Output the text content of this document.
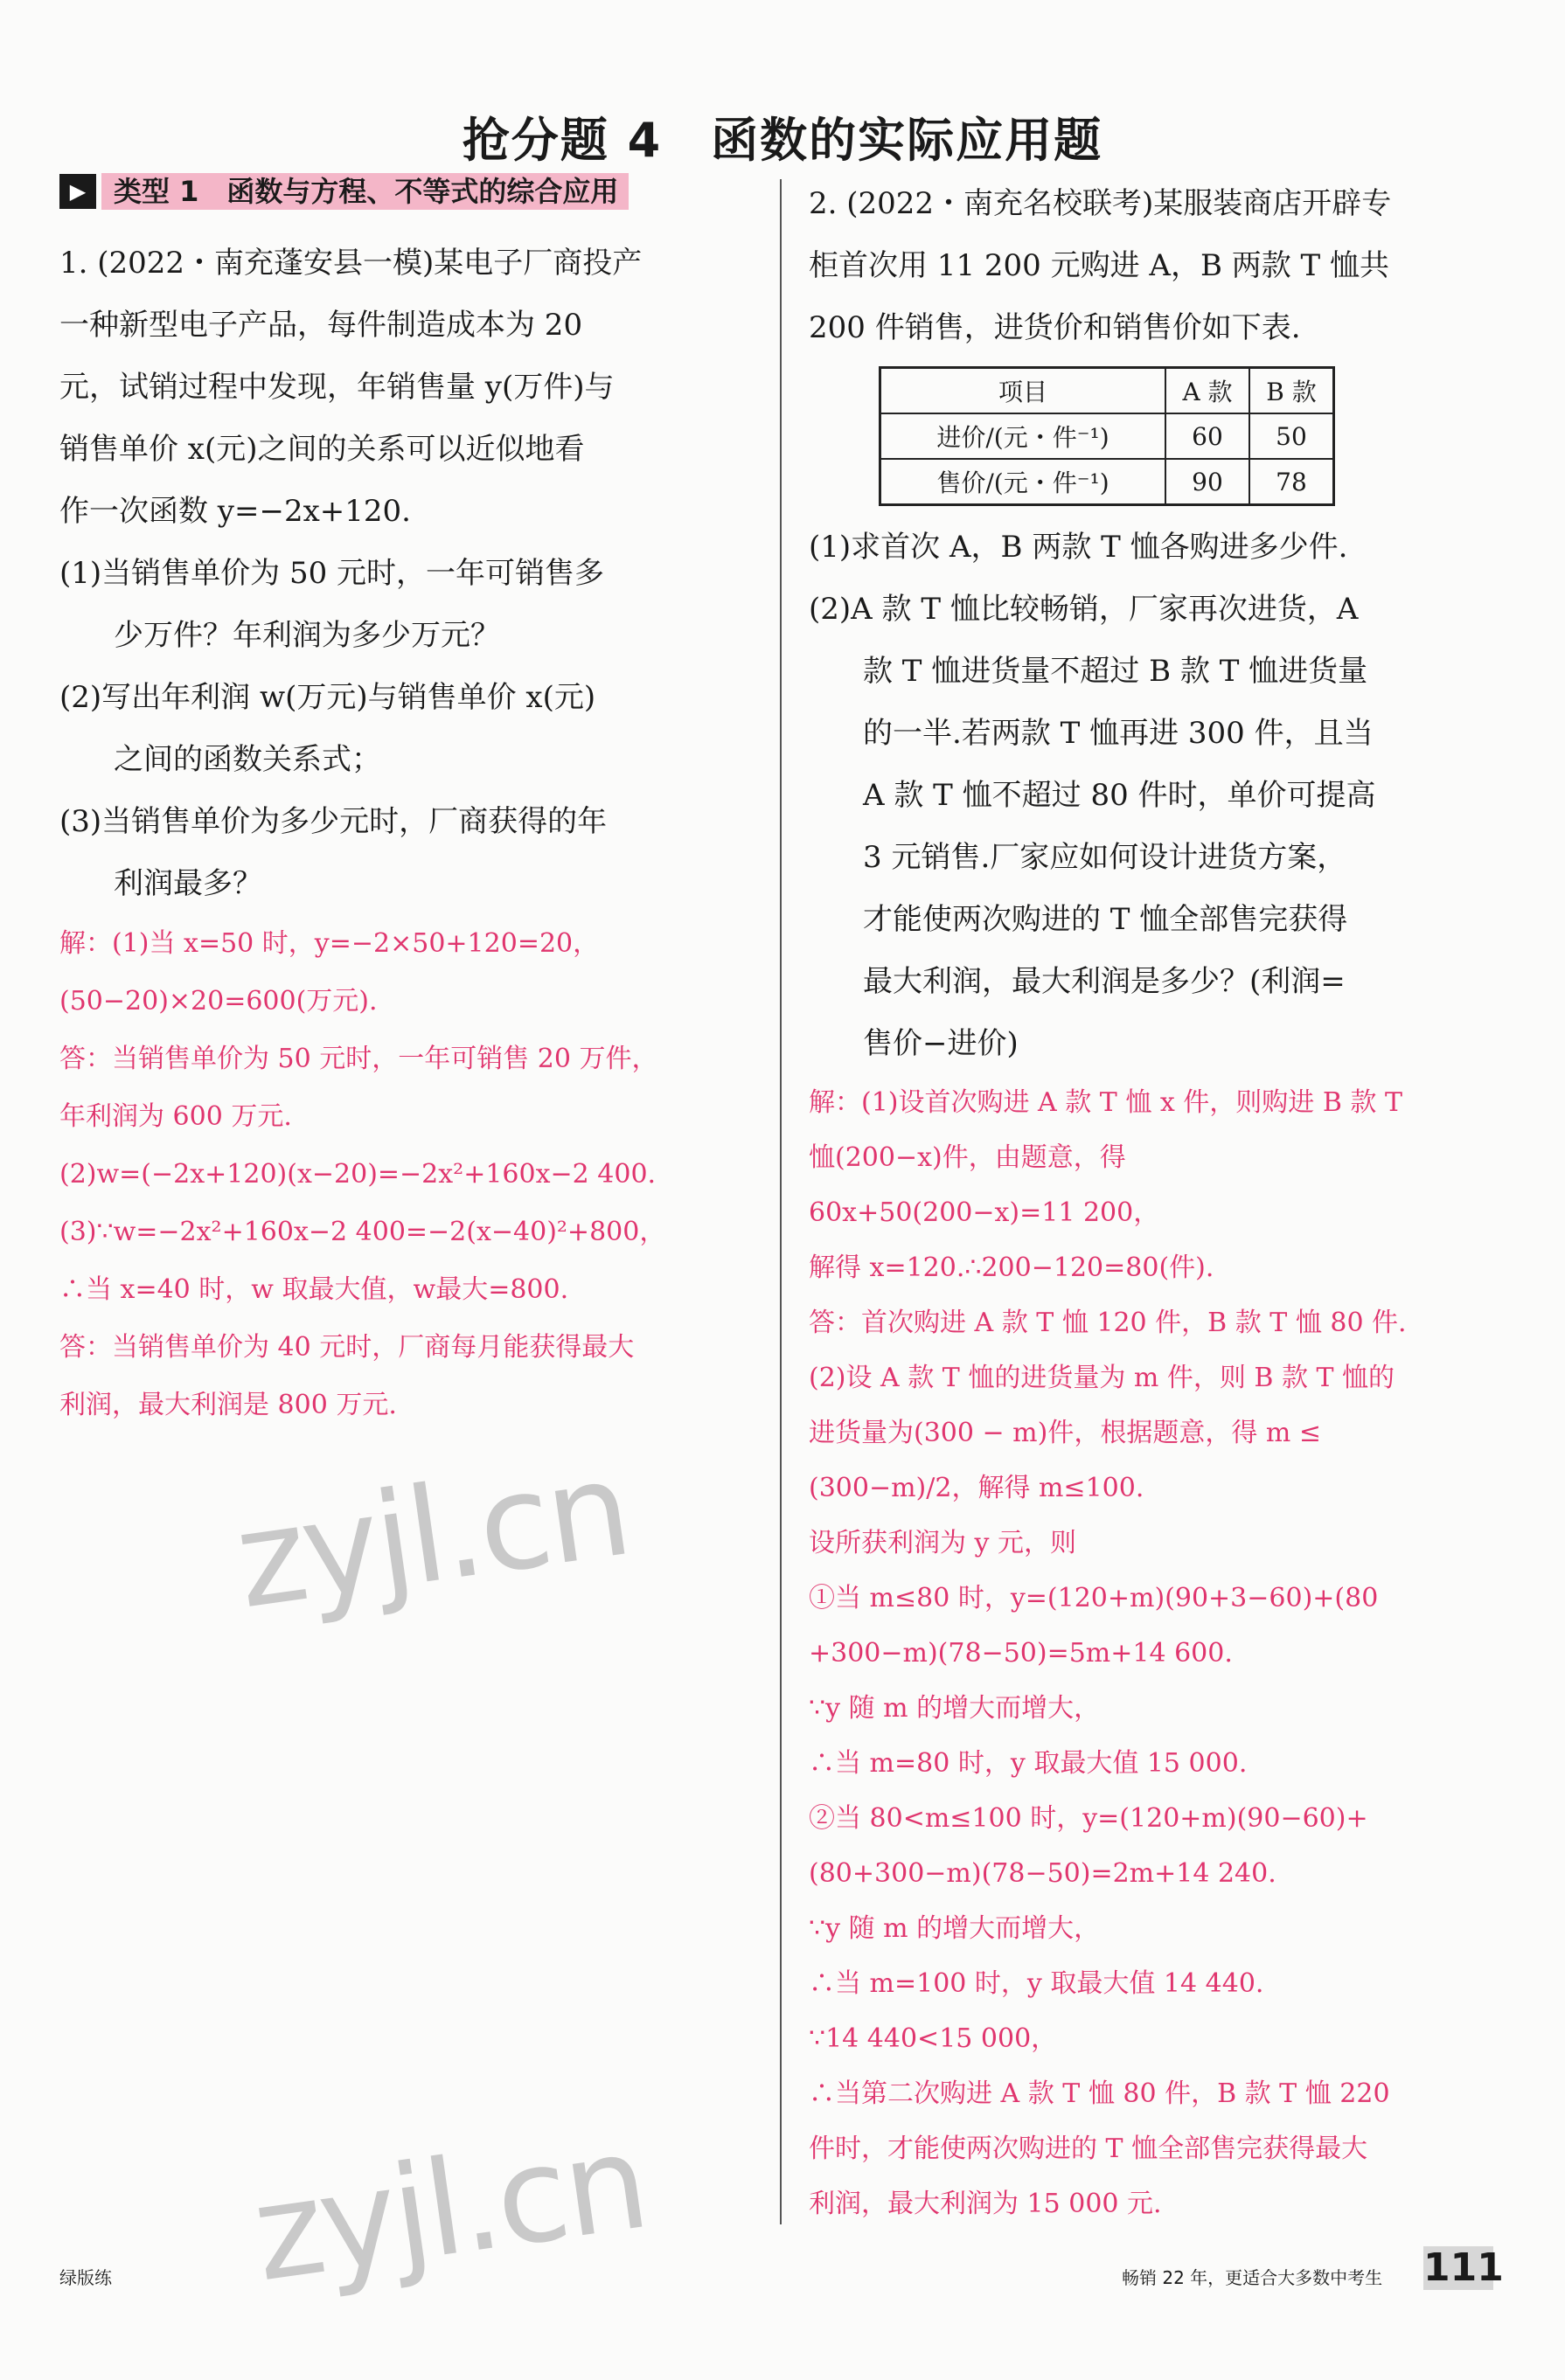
抢分题 4　函数的实际应用题
▶ 类型 1　函数与方程、不等式的综合应用

1. (2022・南充蓬安县一模)某电子厂商投产

一种新型电子产品，每件制造成本为 20

元，试销过程中发现，年销售量 y(万件)与

销售单价 x(元)之间的关系可以近似地看

作一次函数 y=−2x+120.

(1)当销售单价为 50 元时，一年可销售多

少万件？年利润为多少万元？

(2)写出年利润 w(万元)与销售单价 x(元)

之间的函数关系式；

(3)当销售单价为多少元时，厂商获得的年

利润最多？

解：(1)当 x=50 时，y=−2×50+120=20，

(50−20)×20=600(万元).

答：当销售单价为 50 元时，一年可销售 20 万件，

年利润为 600 万元.

(2)w=(−2x+120)(x−20)=−2x²+160x−2 400.

(3)∵w=−2x²+160x−2 400=−2(x−40)²+800，

∴当 x=40 时，w 取最大值，w最大=800.

答：当销售单价为 40 元时，厂商每月能获得最大

利润，最大利润是 800 万元.

2. (2022・南充名校联考)某服装商店开辟专

柜首次用 11 200 元购进 A，B 两款 T 恤共

200 件销售，进货价和销售价如下表.

项目	A 款	B 款
进价/(元・件⁻¹)	60	50
售价/(元・件⁻¹)	90	78

(1)求首次 A，B 两款 T 恤各购进多少件.

(2)A 款 T 恤比较畅销，厂家再次进货，A

款 T 恤进货量不超过 B 款 T 恤进货量

的一半.若两款 T 恤再进 300 件，且当

A 款 T 恤不超过 80 件时，单价可提高

3 元销售.厂家应如何设计进货方案，

才能使两次购进的 T 恤全部售完获得

最大利润，最大利润是多少？(利润=

售价−进价)

解：(1)设首次购进 A 款 T 恤 x 件，则购进 B 款 T

恤(200−x)件，由题意，得

60x+50(200−x)=11 200，

解得 x=120.∴200−120=80(件).

答：首次购进 A 款 T 恤 120 件，B 款 T 恤 80 件.

(2)设 A 款 T 恤的进货量为 m 件，则 B 款 T 恤的

进货量为(300 − m)件，根据题意，得 m ≤

(300−m)/2，解得 m≤100.

设所获利润为 y 元，则

①当 m≤80 时，y=(120+m)(90+3−60)+(80

+300−m)(78−50)=5m+14 600.

∵y 随 m 的增大而增大，

∴当 m=80 时，y 取最大值 15 000.

②当 80<m≤100 时，y=(120+m)(90−60)+

(80+300−m)(78−50)=2m+14 240.

∵y 随 m 的增大而增大，

∴当 m=100 时，y 取最大值 14 440.

∵14 440<15 000，

∴当第二次购进 A 款 T 恤 80 件，B 款 T 恤 220

件时，才能使两次购进的 T 恤全部售完获得最大

利润，最大利润为 15 000 元.

zyjl.cn
zyjl.cn
绿版练	畅销 22 年，更适合大多数中考生 111
